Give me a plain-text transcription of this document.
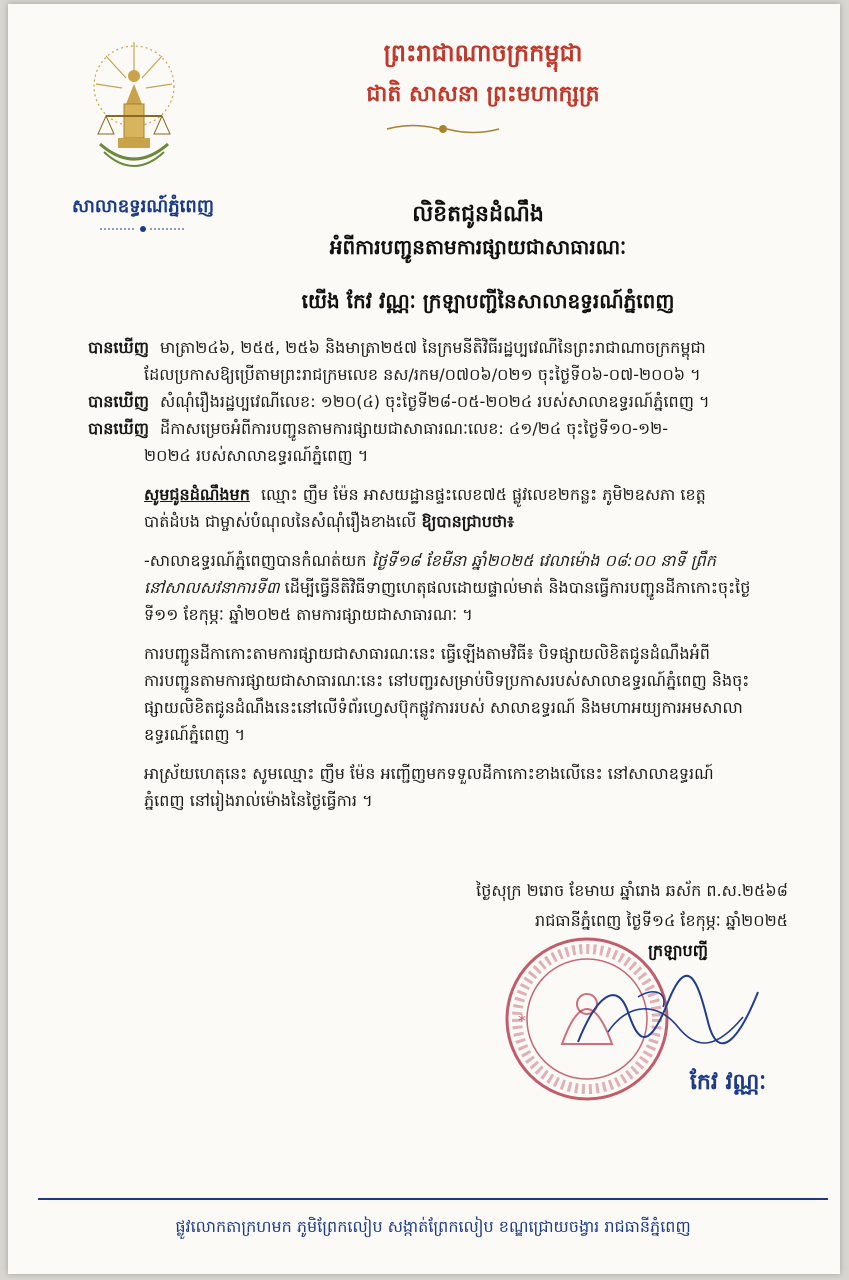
សាលាឧទ្ធរណ៍ភ្នំពេញ
ព្រះរាជាណាចក្រកម្ពុជា
ជាតិ សាសនា ព្រះមហាក្សត្រ
លិខិតជូនដំណឹង
អំពីការបញ្ជូនតាមការផ្សាយជាសាធារណៈ
យើង កែវ វណ្ណៈ ក្រឡាបញ្ជីនៃសាលាឧទ្ធរណ៍ភ្នំពេញ

បានឃើញ មាត្រា២៤៦, ២៥៥, ២៥៦ និងមាត្រា២៥៧ នៃក្រមនីតិវិធីរដ្ឋប្បវេណីនៃព្រះរាជាណាចក្រកម្ពុជា

ដែលប្រកាសឱ្យប្រើតាមព្រះរាជក្រមលេខ នស/រកម/០៧០៦/០២១ ចុះថ្ងៃទី០៦-០៧-២០០៦ ។

បានឃើញ សំណុំរឿងរដ្ឋប្បវេណីលេខ: ១២០(៤) ចុះថ្ងៃទី២៨-០៥-២០២៤ របស់សាលាឧទ្ធរណ៍ភ្នំពេញ ។

បានឃើញ ដីកាសម្រេចអំពីការបញ្ជូនតាមការផ្សាយជាសាធារណៈលេខ: ៤១/២៤ ចុះថ្ងៃទី១០-១២-

២០២៤ របស់សាលាឧទ្ធរណ៍ភ្នំពេញ ។

សូមជូនដំណឹងមក ឈ្មោះ ញឹម ម៉ែន អាសយដ្ឋានផ្ទះលេខ៧៥ ផ្លូវលេខ២កន្លះ ភូមិ២ឧសភា ខេត្ត

បាត់ដំបង ជាម្ចាស់បំណុលនៃសំណុំរឿងខាងលើ ឱ្យបានជ្រាបថា៖

-សាលាឧទ្ធរណ៍ភ្នំពេញបានកំណត់យក ថ្ងៃទី១៨ ខែមីនា ឆ្នាំ២០២៥ វេលាម៉ោង ០៨:០០ នាទី ព្រឹក

នៅសាលសវនាការទី៣ ដើម្បីធ្វើនីតិវិធីទាញហេតុផលដោយផ្ទាល់មាត់ និងបានធ្វើការបញ្ជូនដីកាកោះចុះថ្ងៃ

ទី១១ ខែកុម្ភៈ ឆ្នាំ២០២៥ តាមការផ្សាយជាសាធារណៈ ។

ការបញ្ជូនដីកាកោះតាមការផ្សាយជាសាធារណៈនេះ ធ្វើឡើងតាមវិធី៖ បិទផ្សាយលិខិតជូនដំណឹងអំពី

ការបញ្ជូនតាមការផ្សាយជាសាធារណៈនេះ នៅបញ្ជរសម្រាប់បិទប្រកាសរបស់សាលាឧទ្ធរណ៍ភ្នំពេញ និងចុះ

ផ្សាយលិខិតជូនដំណឹងនេះនៅលើទំព័រហ្វេសប៊ុកផ្លូវការរបស់ សាលាឧទ្ធរណ៍ និងមហាអយ្យការអមសាលា

ឧទ្ធរណ៍ភ្នំពេញ ។

អាស្រ័យហេតុនេះ សូមឈ្មោះ ញឹម ម៉ែន អញ្ជើញមកទទួលដីកាកោះខាងលើនេះ នៅសាលាឧទ្ធរណ៍

ភ្នំពេញ នៅរៀងរាល់ម៉ោងនៃថ្ងៃធ្វើការ ។

ថ្ងៃសុក្រ ២រោច ខែមាឃ ឆ្នាំរោង ឆស័ក ព.ស.២៥៦៨
រាជធានីភ្នំពេញ ថ្ងៃទី១៤ ខែកុម្ភៈ ឆ្នាំ២០២៥
*
ក្រឡាបញ្ជី
កែវ វណ្ណៈ
ផ្លូវលោកតាក្រហមក ភូមិព្រែកលៀប សង្កាត់ព្រែកលៀប ខណ្ឌជ្រោយចង្វារ រាជធានីភ្នំពេញ
